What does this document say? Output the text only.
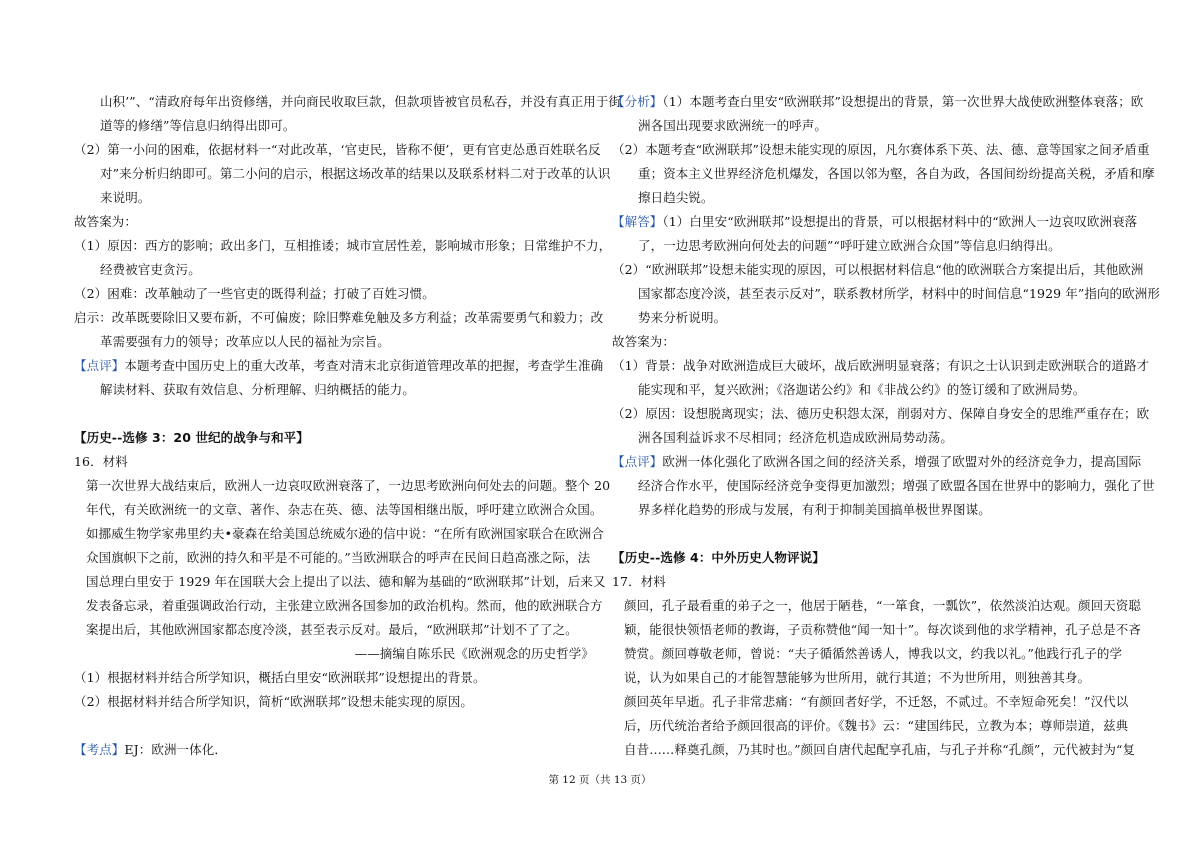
山积’”、“清政府每年出资修缮，并向商民收取巨款，但款项皆被官员私吞，并没有真正用于街
道等的修缮”等信息归纳得出即可。
（2）第一小问的困难，依据材料一“对此改革，‘官吏民，皆称不便’，更有官吏怂恿百姓联名反
对”来分析归纳即可。第二小问的启示，根据这场改革的结果以及联系材料二对于改革的认识
来说明。
故答案为：
（1）原因：西方的影响；政出多门，互相推诿；城市宣居性差，影响城市形象；日常维护不力，
经费被官吏贪污。
（2）困难：改革触动了一些官吏的既得利益；打破了百姓习惯。
启示：改革既要除旧又要布新，不可偏废；除旧弊难免触及多方利益；改革需要勇气和毅力；改
革需要强有力的领导；改革应以人民的福祉为宗旨。
【点评】本题考查中国历史上的重大改革，考查对清末北京街道管理改革的把握，考查学生准确
解读材料、获取有效信息、分析理解、归纳概括的能力。
【历史--选修 3：20 世纪的战争与和平】
16．材料
第一次世界大战结束后，欧洲人一边哀叹欧洲衰落了，一边思考欧洲向何处去的问题。整个 20
年代，有关欧洲统一的文章、著作、杂志在英、德、法等国相继出版，呼吁建立欧洲合众国。
如挪威生物学家弗里约夫•豪森在给美国总统威尔逊的信中说：“在所有欧洲国家联合在欧洲合
众国旗帜下之前，欧洲的持久和平是不可能的。”当欧洲联合的呼声在民间日趋高涨之际，法
国总理白里安于 1929 年在国联大会上提出了以法、德和解为基础的“欧洲联邦”计划，后来又
发表备忘录，着重强调政治行动，主张建立欧洲各国参加的政治机构。然而，他的欧洲联合方
案提出后，其他欧洲国家都态度冷淡，甚至表示反对。最后，“欧洲联邦”计划不了了之。
——摘编自陈乐民《欧洲观念的历史哲学》
（1）根据材料并结合所学知识，概括白里安“欧洲联邦”设想提出的背景。
（2）根据材料并结合所学知识，简析“欧洲联邦”设想未能实现的原因。
【考点】EJ：欧洲一体化．
【分析】（1）本题考查白里安“欧洲联邦”设想提出的背景，第一次世界大战使欧洲整体衰落；欧
洲各国出现要求欧洲统一的呼声。
（2）本题考查“欧洲联邦”设想未能实现的原因，凡尔赛体系下英、法、德、意等国家之间矛盾重
重；资本主义世界经济危机爆发，各国以邻为壑，各自为政，各国间纷纷提高关税，矛盾和摩
擦日趋尖锐。
【解答】（1）白里安“欧洲联邦”设想提出的背景，可以根据材料中的“欧洲人一边哀叹欧洲衰落
了，一边思考欧洲向何处去的问题”“呼吁建立欧洲合众国”等信息归纳得出。
（2）“欧洲联邦”设想未能实现的原因，可以根据材料信息“他的欧洲联合方案提出后，其他欧洲
国家都态度冷淡，甚至表示反对”，联系教材所学，材料中的时间信息“1929 年”指向的欧洲形
势来分析说明。
故答案为：
（1）背景：战争对欧洲造成巨大破坏，战后欧洲明显衰落；有识之士认识到走欧洲联合的道路才
能实现和平，复兴欧洲；《洛迦诺公约》和《非战公约》的签订缓和了欧洲局势。
（2）原因：设想脱离现实；法、德历史积怨太深，削弱对方、保障自身安全的思维严重存在；欧
洲各国利益诉求不尽相同；经济危机造成欧洲局势动荡。
【点评】欧洲一体化强化了欧洲各国之间的经济关系，增强了欧盟对外的经济竞争力，提高国际
经济合作水平，使国际经济竞争变得更加激烈；增强了欧盟各国在世界中的影响力，强化了世
界多样化趋势的形成与发展，有利于抑制美国搞单极世界图谋。
【历史--选修 4：中外历史人物评说】
17．材料
颜回，孔子最看重的弟子之一，他居于陋巷，“一箪食，一瓢饮”，依然淡泊达观。颜回天资聪
颖，能很快领悟老师的教诲，子贡称赞他“闻一知十”。每次谈到他的求学精神，孔子总是不吝
赞赏。颜回尊敬老师，曾说：“夫子循循然善诱人，博我以文，约我以礼。”他践行孔子的学
说，认为如果自己的才能智慧能够为世所用，就行其道；不为世所用，则独善其身。
颜回英年早逝。孔子非常悲痛：“有颜回者好学，不迁怒，不贰过。不幸短命死矣！”汉代以
后，历代统治者给予颜回很高的评价。《魏书》云：“建国纬民，立教为本；尊师崇道，兹典
自昔……释奠孔颜，乃其时也。”颜回自唐代起配享孔庙，与孔子并称“孔颜”，元代被封为“复
第 12 页（共 13 页）
